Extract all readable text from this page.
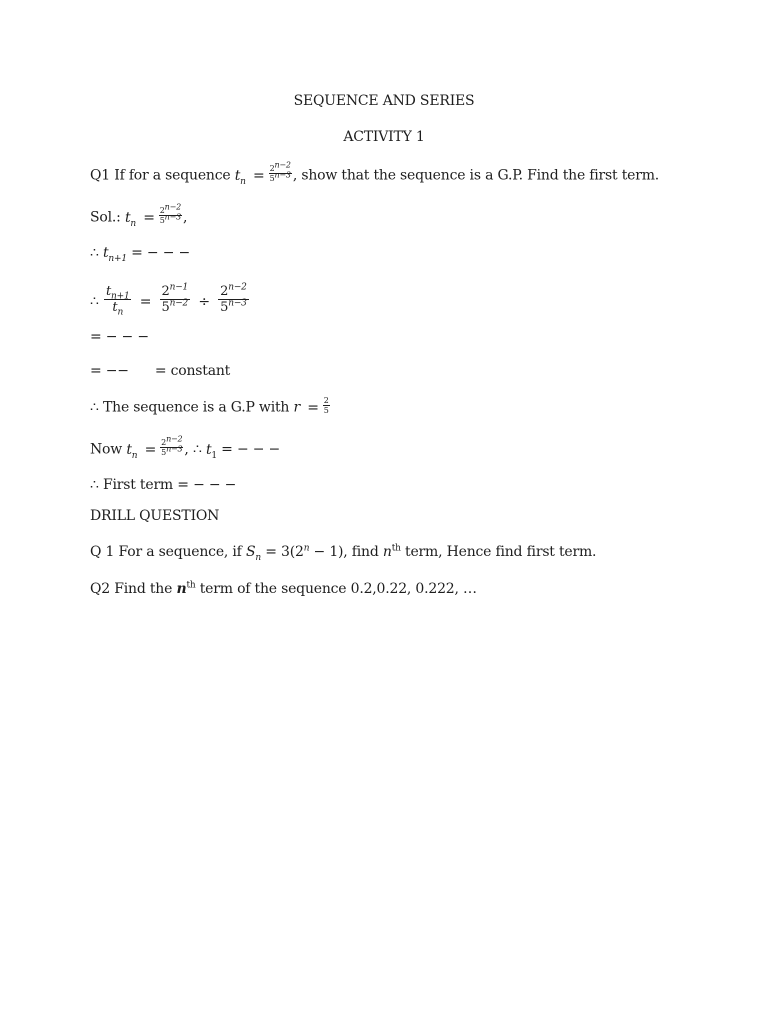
SEQUENCE AND SERIES
ACTIVITY 1
Q1 If for a sequence $t_n = \frac{2^{n-2}}{5^{n-3}}$ , show that the sequence is a G.P. Find the first term.
Sol.: $t_n = \frac{2^{n-2}}{5^{n-3}}$ ,
∴ $t_{n+1}$ = − − −
∴ $\frac{t_{n+1}}{t_n} = \frac{2^{n-1}}{5^{n-2}} \div \frac{2^{n-2}}{5^{n-3}}$
= − − −
= −− = constant
∴ The sequence is a G.P with $r = \frac{2}{5}$
Now $t_n = \frac{2^{n-2}}{5^{n-3}}$ , ∴ $t_1$ = − − −
∴ First term = − − −
DRILL QUESTION
Q 1 For a sequence, if $S_n = 3(2^n - 1)$, find $n^{th}$ term, Hence find first term.
Q2 Find the $n^{th}$ term of the sequence 0.2,0.22, 0.222, …
